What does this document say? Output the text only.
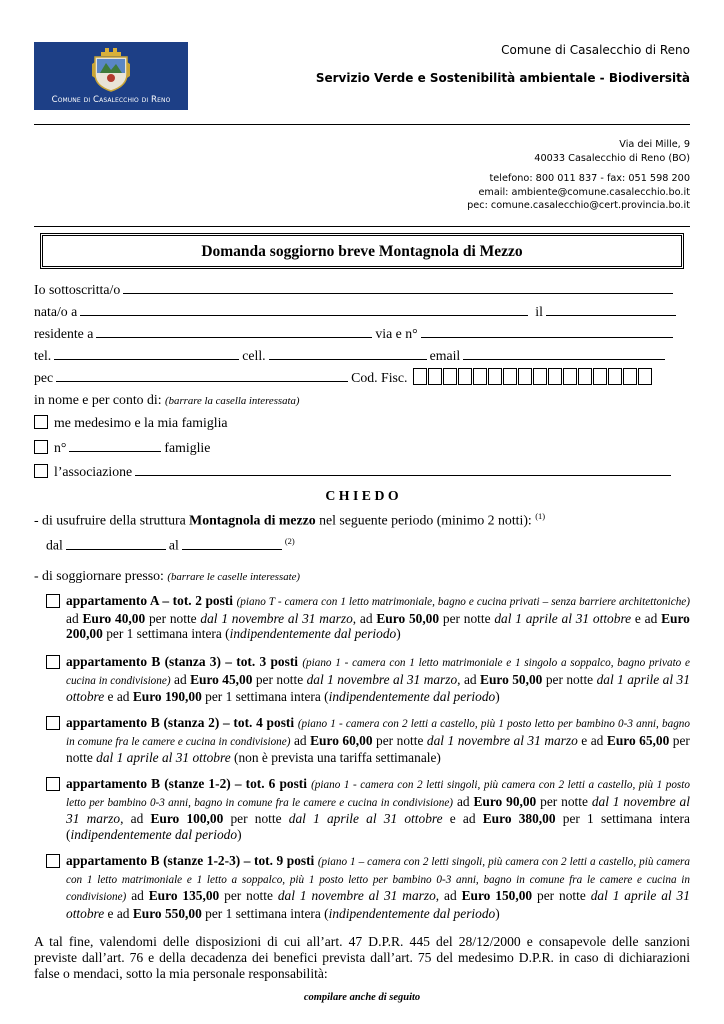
Comune di Casalecchio di Reno
Comune di Casalecchio di Reno
Servizio Verde e Sostenibilità ambientale - Biodiversità
Via dei Mille, 9
40033 Casalecchio di Reno (BO)
telefono: 800 011 837 - fax: 051 598 200
email: ambiente@comune.casalecchio.bo.it
pec: comune.casalecchio@cert.provincia.bo.it
Domanda soggiorno breve Montagnola di Mezzo
Io sottoscritta/o
nata/o a	il
residente a	via e n°
tel.	cell.	email
pec	Cod. Fisc.
in nome e per conto di: (barrare la casella interessata)
me medesimo e la mia famiglia
n°	famiglie
l’associazione
C H I E D O
- di usufruire della struttura Montagnola di mezzo nel seguente periodo (minimo 2 notti): $^{(1)}$
dal	al	$^{(2)}$
- di soggiornare presso: (barrare le caselle interessate)
appartamento A – tot. 2 posti (piano T - camera con 1 letto matrimoniale, bagno e cucina privati – senza barriere architettoniche) ad Euro 40,00 per notte dal 1 novembre al 31 marzo, ad Euro 50,00 per notte dal 1 aprile al 31 ottobre e ad Euro 200,00 per 1 settimana intera (indipendentemente dal periodo)
appartamento B (stanza 3) – tot. 3 posti (piano 1 - camera con 1 letto matrimoniale e 1 singolo a soppalco, bagno privato e cucina in condivisione) ad Euro 45,00 per notte dal 1 novembre al 31 marzo, ad Euro 50,00 per notte dal 1 aprile al 31 ottobre e ad Euro 190,00 per 1 settimana intera (indipendentemente dal periodo)
appartamento B (stanza 2) – tot. 4 posti (piano 1 - camera con 2 letti a castello, più 1 posto letto per bambino 0-3 anni, bagno in comune fra le camere e cucina in condivisione) ad Euro 60,00 per notte dal 1 novembre al 31 marzo e ad Euro 65,00 per notte dal 1 aprile al 31 ottobre (non è prevista una tariffa settimanale)
appartamento B (stanze 1-2) – tot. 6 posti (piano 1 - camera con 2 letti singoli, più camera con 2 letti a castello, più 1 posto letto per bambino 0-3 anni, bagno in comune fra le camere e cucina in condivisione) ad Euro 90,00 per notte dal 1 novembre al 31 marzo, ad Euro 100,00 per notte dal 1 aprile al 31 ottobre e ad Euro 380,00 per 1 settimana intera (indipendentemente dal periodo)
appartamento B (stanze 1-2-3) – tot. 9 posti (piano 1 – camera con 2 letti singoli, più camera con 2 letti a castello, più camera con 1 letto matrimoniale e 1 letto a soppalco, più 1 posto letto per bambino 0-3 anni, bagno in comune fra le camere e cucina in condivisione) ad Euro 135,00 per notte dal 1 novembre al 31 marzo, ad Euro 150,00 per notte dal 1 aprile al 31 ottobre e ad Euro 550,00 per 1 settimana intera (indipendentemente dal periodo)
A tal fine, valendomi delle disposizioni di cui all’art. 47 D.P.R. 445 del 28/12/2000 e consapevole delle sanzioni previste dall’art. 76 e della decadenza dei benefici prevista dall’art. 75 del medesimo D.P.R. in caso di dichiarazioni false o mendaci, sotto la mia personale responsabilità:
compilare anche di seguito
